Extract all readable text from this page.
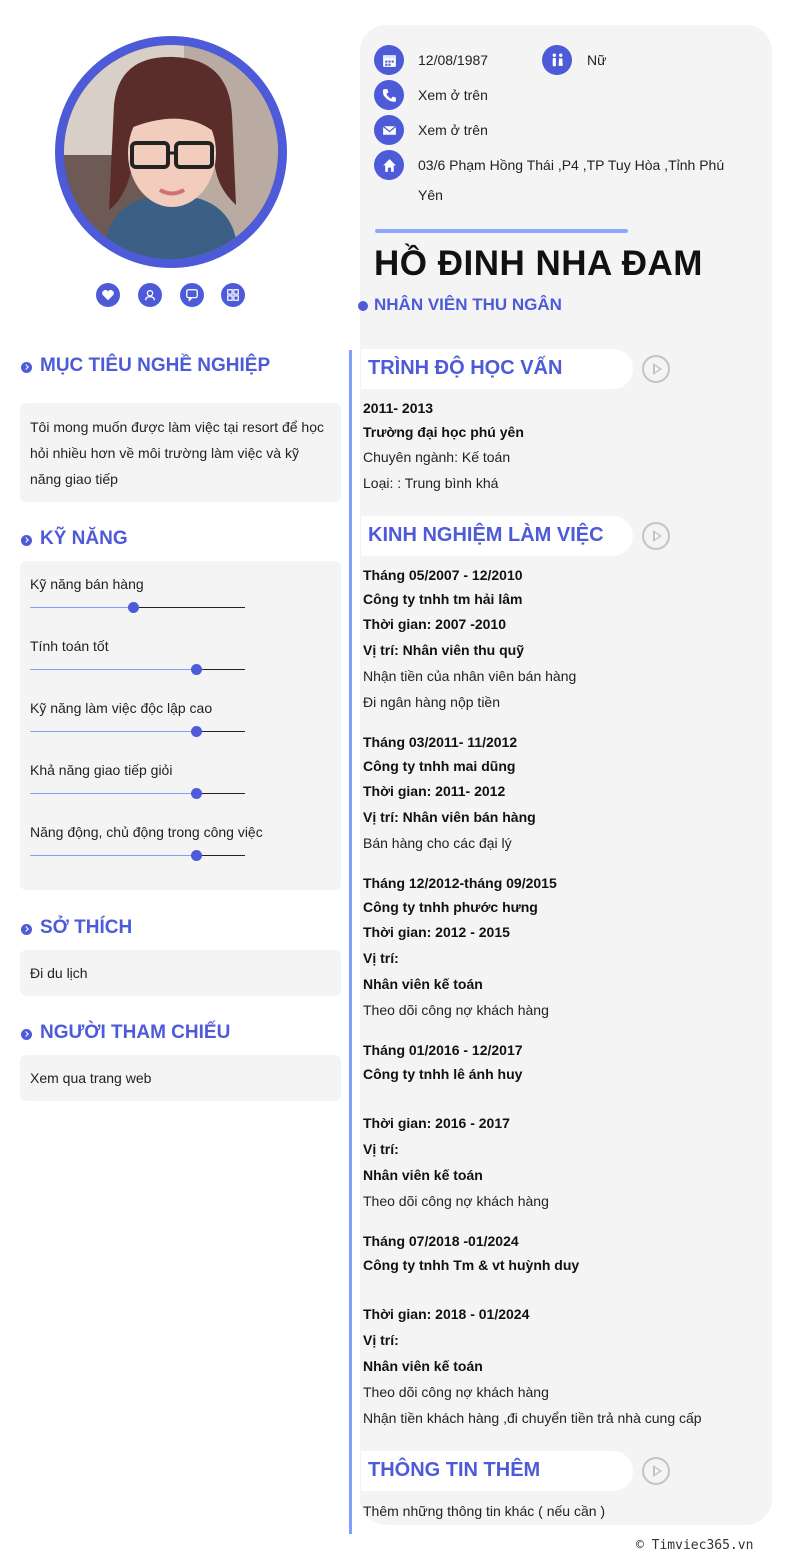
12/08/1987	Nữ
Xem ở trên
Xem ở trên
03/6 Phạm Hồng Thái ,P4 ,TP Tuy Hòa ,Tỉnh Phú Yên
HỒ ĐINH NHA ĐAM
NHÂN VIÊN THU NGÂN
MỤC TIÊU NGHỀ NGHIỆP
Tôi mong muốn được làm việc tại resort để học hỏi nhiều hơn về môi trường làm việc và kỹ năng giao tiếp
KỸ NĂNG
Kỹ năng bán hàng
Tính toán tốt
Kỹ năng làm việc độc lập cao
Khả năng giao tiếp giỏi
Năng động, chủ động trong công việc
SỞ THÍCH
Đi du lịch
NGƯỜI THAM CHIẾU
Xem qua trang web
TRÌNH ĐỘ HỌC VẤN
2011- 2013
Trường đại học phú yên
Chuyên ngành: Kế toán
Loại: : Trung bình khá
KINH NGHIỆM LÀM VIỆC
Tháng 05/2007 - 12/2010
Công ty tnhh tm hải lâm
Thời gian: 2007 -2010
Vị trí: Nhân viên thu quỹ
Nhận tiền của nhân viên bán hàng
Đi ngân hàng nộp tiền
Tháng 03/2011- 11/2012
Công ty tnhh mai dũng
Thời gian: 2011- 2012
Vị trí: Nhân viên bán hàng
Bán hàng cho các đại lý
Tháng 12/2012-tháng 09/2015
Công ty tnhh phước hưng
Thời gian: 2012 - 2015
Vị trí:
Nhân viên kế toán
Theo dõi công nợ khách hàng
Tháng 01/2016 - 12/2017
Công ty tnhh lê ánh huy
Thời gian: 2016 - 2017
Vị trí:
Nhân viên kế toán
Theo dõi công nợ khách hàng
Tháng 07/2018 -01/2024
Công ty tnhh Tm & vt huỳnh duy
Thời gian: 2018 - 01/2024
Vị trí:
Nhân viên kế toán
Theo dõi công nợ khách hàng
Nhận tiền khách hàng ,đi chuyển tiền trả nhà cung cấp
THÔNG TIN THÊM
Thêm những thông tin khác ( nếu cần )
© Timviec365.vn
